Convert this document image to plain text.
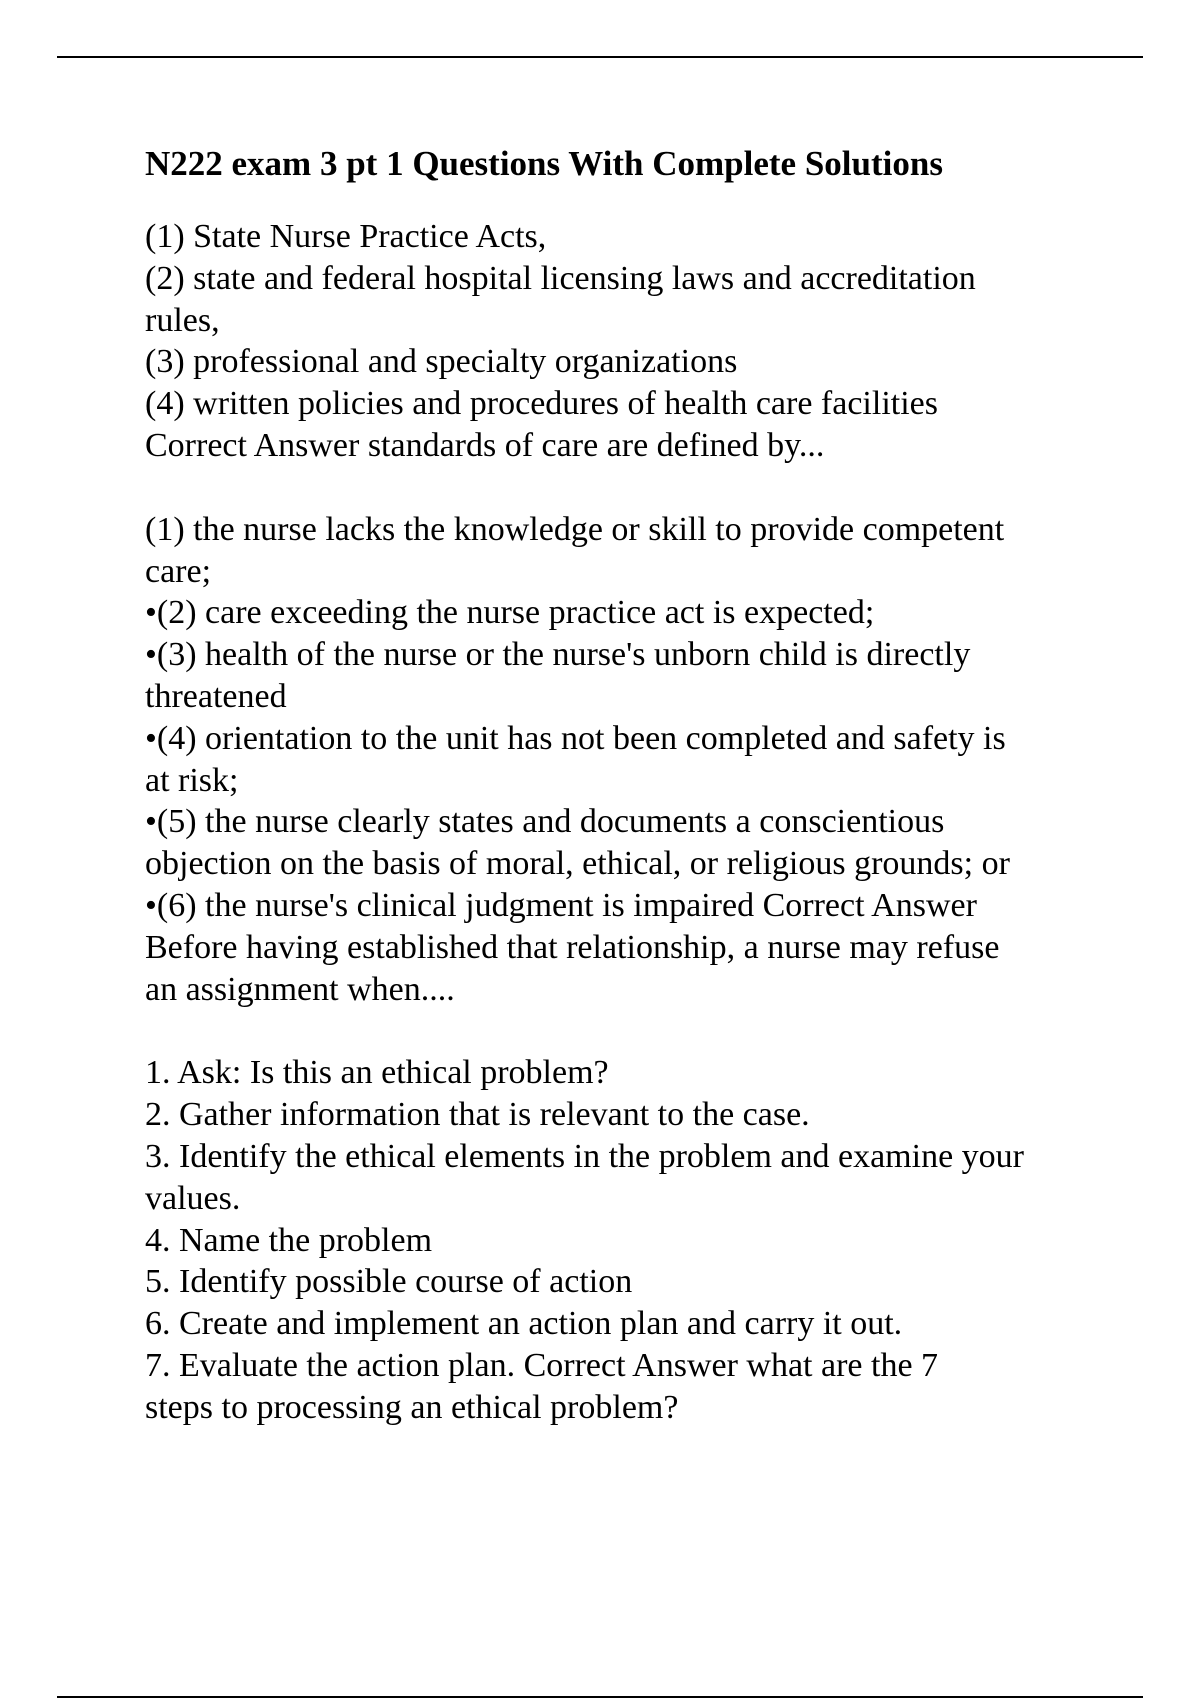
N222 exam 3 pt 1 Questions With Complete Solutions
(1) State Nurse Practice Acts,
(2) state and federal hospital licensing laws and accreditation
rules,
(3) professional and specialty organizations
(4) written policies and procedures of health care facilities
Correct Answer standards of care are defined by...
(1) the nurse lacks the knowledge or skill to provide competent
care;
•(2) care exceeding the nurse practice act is expected;
•(3) health of the nurse or the nurse's unborn child is directly
threatened
•(4) orientation to the unit has not been completed and safety is
at risk;
•(5) the nurse clearly states and documents a conscientious
objection on the basis of moral, ethical, or religious grounds; or
•(6) the nurse's clinical judgment is impaired Correct Answer
Before having established that relationship, a nurse may refuse
an assignment when....
1. Ask: Is this an ethical problem?
2. Gather information that is relevant to the case.
3. Identify the ethical elements in the problem and examine your
values.
4. Name the problem
5. Identify possible course of action
6. Create and implement an action plan and carry it out.
7. Evaluate the action plan. Correct Answer what are the 7
steps to processing an ethical problem?
